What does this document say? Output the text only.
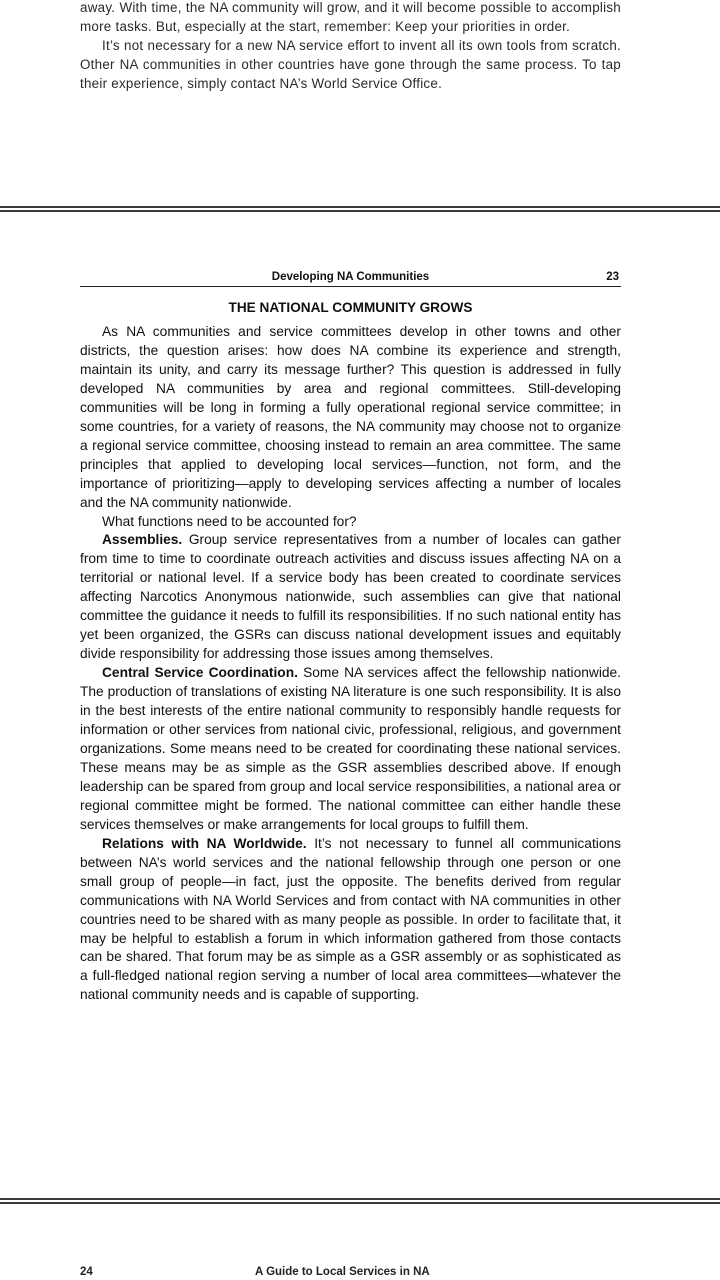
away. With time, the NA community will grow, and it will become possible to accomplish more tasks. But, especially at the start, remember: Keep your priorities in order.

It’s not necessary for a new NA service effort to invent all its own tools from scratch. Other NA communities in other countries have gone through the same process. To tap their experience, simply contact NA’s World Service Office.

Developing NA Communities	23
THE NATIONAL COMMUNITY GROWS

As NA communities and service committees develop in other towns and other districts, the question arises: how does NA combine its experience and strength, maintain its unity, and carry its message further? This question is addressed in fully developed NA communities by area and regional committees. Still-developing communities will be long in forming a fully operational regional service committee; in some countries, for a variety of reasons, the NA community may choose not to organize a regional service committee, choosing instead to remain an area committee. The same principles that applied to developing local services—function, not form, and the importance of prioritizing—apply to developing services affecting a number of locales and the NA community nationwide.

What functions need to be accounted for?

Assemblies. Group service representatives from a number of locales can gather from time to time to coordinate outreach activities and discuss issues affecting NA on a territorial or national level. If a service body has been created to coordinate services affecting Narcotics Anonymous nationwide, such assemblies can give that national committee the guidance it needs to fulfill its responsibilities. If no such national entity has yet been organized, the GSRs can discuss national development issues and equitably divide responsibility for addressing those issues among themselves.

Central Service Coordination. Some NA services affect the fellowship nationwide. The production of translations of existing NA literature is one such responsibility. It is also in the best interests of the entire national community to responsibly handle requests for information or other services from national civic, professional, religious, and government organizations. Some means need to be created for coordinating these national services. These means may be as simple as the GSR assemblies described above. If enough leadership can be spared from group and local service responsibilities, a national area or regional committee might be formed. The national committee can either handle these services themselves or make arrangements for local groups to fulfill them.

Relations with NA Worldwide. It’s not necessary to funnel all communications between NA’s world services and the national fellowship through one person or one small group of people—in fact, just the opposite. The benefits derived from regular communications with NA World Services and from contact with NA communities in other countries need to be shared with as many people as possible. In order to facilitate that, it may be helpful to establish a forum in which information gathered from those contacts can be shared. That forum may be as simple as a GSR assembly or as sophisticated as a full-fledged national region serving a number of local area committees—whatever the national community needs and is capable of supporting.

24	A Guide to Local Services in NA
